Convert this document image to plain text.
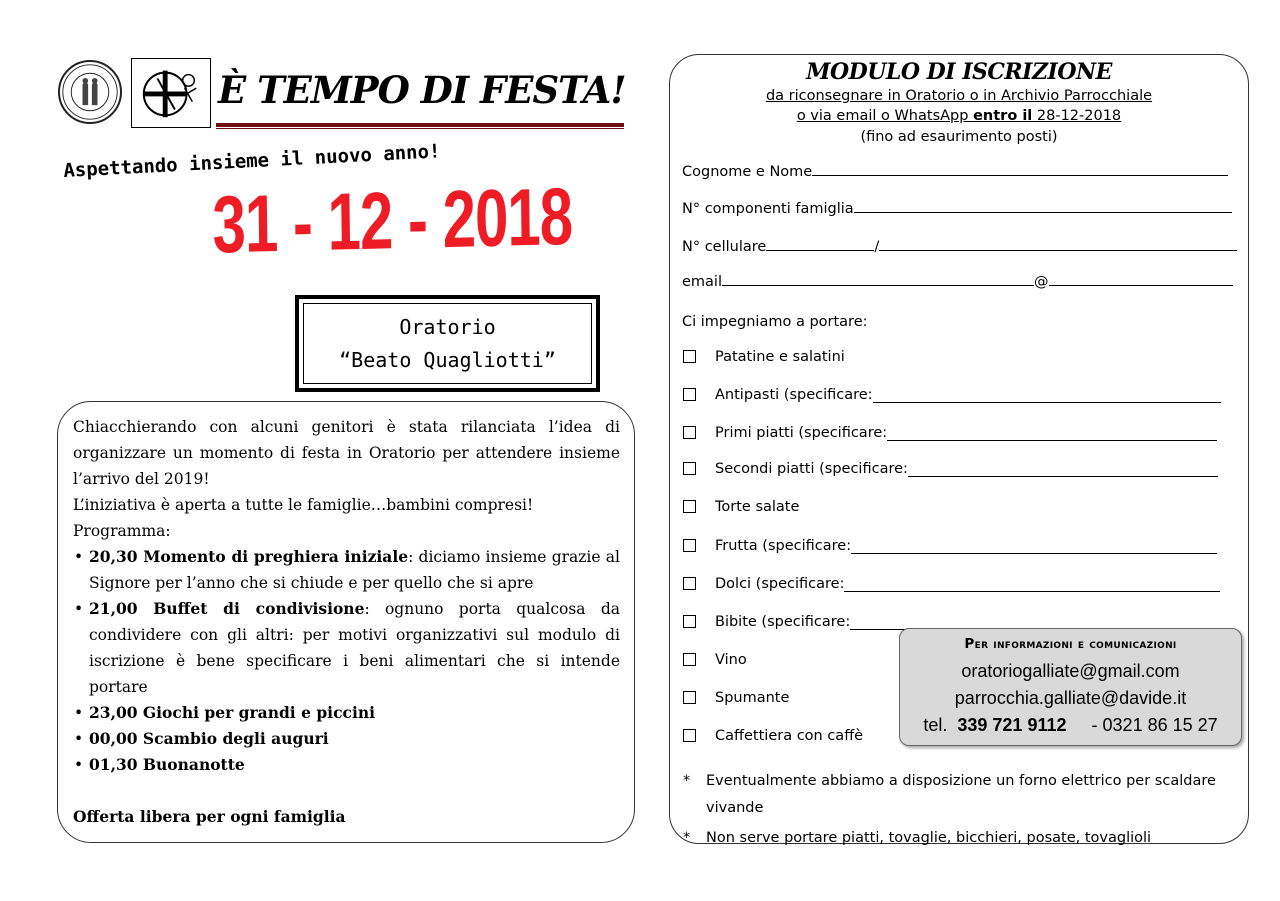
È TEMPO DI FESTA!
Aspettando insieme il nuovo anno!
31 - 12 - 2018
Oratorio
“Beato Quagliotti”

Chiacchierando con alcuni genitori è stata rilanciata l’idea di organizzare un momento di festa in Oratorio per attendere insieme l’arrivo del 2019!

L’iniziativa è aperta a tutte le famiglie…bambini compresi!

Programma:

• 20,30 Momento di preghiera iniziale: diciamo insieme grazie al Signore per l’anno che si chiude e per quello che si apre
• 21,00 Buffet di condivisione: ognuno porta qualcosa da condividere con gli altri: per motivi organizzativi sul modulo di iscrizione è bene specificare i beni alimentari che si intende portare
• 23,00 Giochi per grandi e piccini
• 00,00 Scambio degli auguri
• 01,30 Buonanotte
Offerta libera per ogni famiglia
MODULO DI ISCRIZIONE
da riconsegnare in Oratorio o in Archivio Parrocchiale
o via email o WhatsApp entro il 28-12-2018
(fino ad esaurimento posti)
Cognome e Nome
N° componenti famiglia
N° cellulare	/
email	@
Ci impegniamo a portare:
Patatine e salatini
Antipasti (specificare:
Primi piatti (specificare:
Secondi piatti (specificare:
Torte salate
Frutta (specificare:
Dolci (specificare:
Bibite (specificare:
Vino
Spumante
Caffettiera con caffè
* Eventualmente abbiamo a disposizione un forno elettrico per scaldare vivande
* Non serve portare piatti, tovaglie, bicchieri, posate, tovaglioli
Per informazioni e comunicazioni
oratoriogalliate@gmail.com
parrocchia.galliate@davide.it
tel. 339 721 9112 - 0321 86 15 27
